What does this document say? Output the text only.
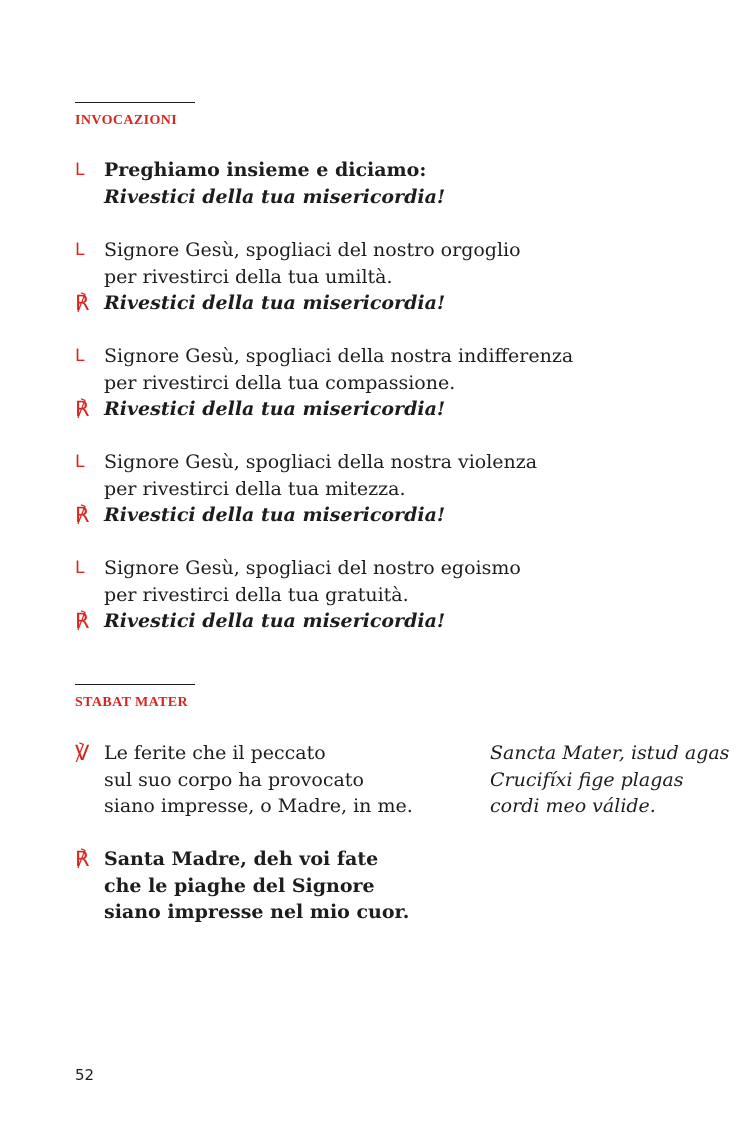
INVOCAZIONI
L Preghiamo insieme e diciamo:
Rivestici della tua misericordia!
L Signore Gesù, spogliaci del nostro orgoglio
per rivestirci della tua umiltà.
℟ Rivestici della tua misericordia!
L Signore Gesù, spogliaci della nostra indifferenza
per rivestirci della tua compassione.
℟ Rivestici della tua misericordia!
L Signore Gesù, spogliaci della nostra violenza
per rivestirci della tua mitezza.
℟ Rivestici della tua misericordia!
L Signore Gesù, spogliaci del nostro egoismo
per rivestirci della tua gratuità.
℟ Rivestici della tua misericordia!
STABAT MATER
℣ Le ferite che il peccato	Sancta Mater, istud agas
sul suo corpo ha provocato	Crucifíxi fige plagas
siano impresse, o Madre, in me.	cordi meo válide.
℟ Santa Madre, deh voi fate
che le piaghe del Signore
siano impresse nel mio cuor.
52
